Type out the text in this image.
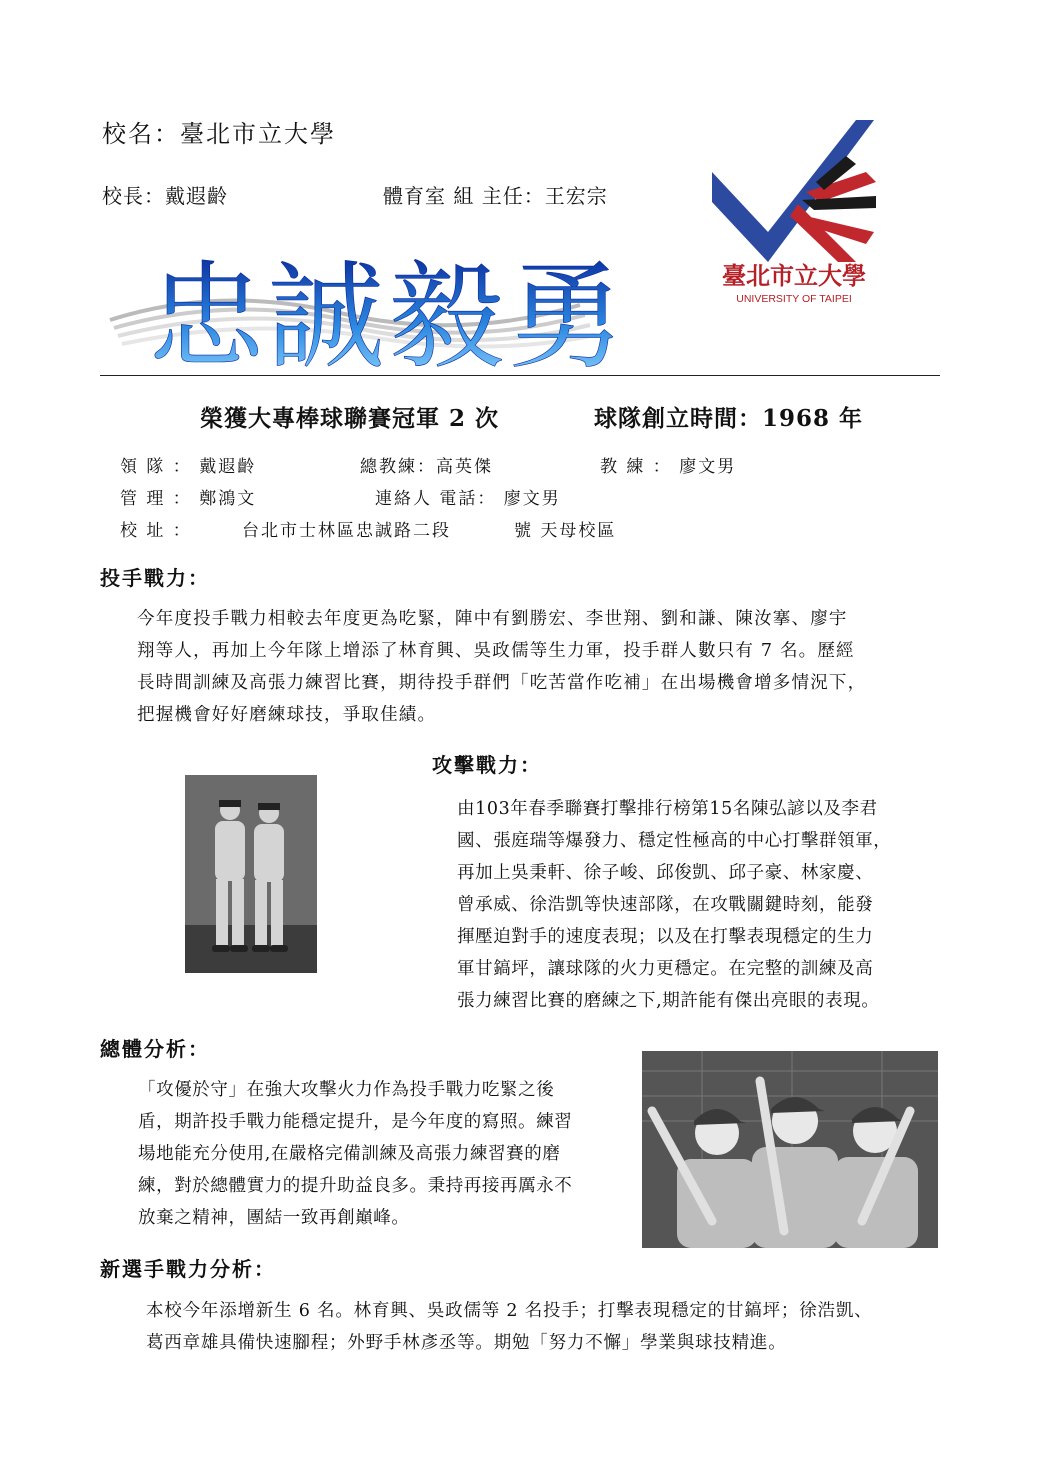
校名：臺北市立大學
校長：戴遐齡	體育室 組 主任：王宏宗
忠誠毅勇	臺北市立大學
UNIVERSITY OF TAIPEI
榮獲大專棒球聯賽冠軍 2 次	球隊創立時間：1968 年
領 隊 ： 戴遐齡	總教練：高英傑	教 練 ： 廖文男
管 理 ： 鄭鴻文	連絡人 電話： 廖文男
校 址 ：	台北市士林區忠誠路二段	號 天母校區
投手戰力：
今年度投手戰力相較去年度更為吃緊，陣中有劉勝宏、李世翔、劉和謙、陳汝搴、廖宇
翔等人，再加上今年隊上增添了林育興、吳政儒等生力軍，投手群人數只有 7 名。歷經
長時間訓練及高張力練習比賽，期待投手群們「吃苦當作吃補」在出場機會增多情況下，
把握機會好好磨練球技，爭取佳績。
攻擊戰力：
由103年春季聯賽打擊排行榜第15名陳弘諺以及李君
國、張庭瑞等爆發力、穩定性極高的中心打擊群領軍，
再加上吳秉軒、徐子峻、邱俊凱、邱子豪、林家慶、
曾承威、徐浩凱等快速部隊，在攻戰關鍵時刻，能發
揮壓迫對手的速度表現；以及在打擊表現穩定的生力
軍甘鎬坪，讓球隊的火力更穩定。在完整的訓練及高
張力練習比賽的磨練之下,期許能有傑出亮眼的表現。
總體分析：
「攻優於守」在強大攻擊火力作為投手戰力吃緊之後
盾，期許投手戰力能穩定提升，是今年度的寫照。練習
場地能充分使用,在嚴格完備訓練及高張力練習賽的磨
練，對於總體實力的提升助益良多。秉持再接再厲永不
放棄之精神，團結一致再創巔峰。
新選手戰力分析：
本校今年添增新生 6 名。林育興、吳政儒等 2 名投手；打擊表現穩定的甘鎬坪；徐浩凱、
葛西章雄具備快速腳程；外野手林彥丞等。期勉「努力不懈」學業與球技精進。
